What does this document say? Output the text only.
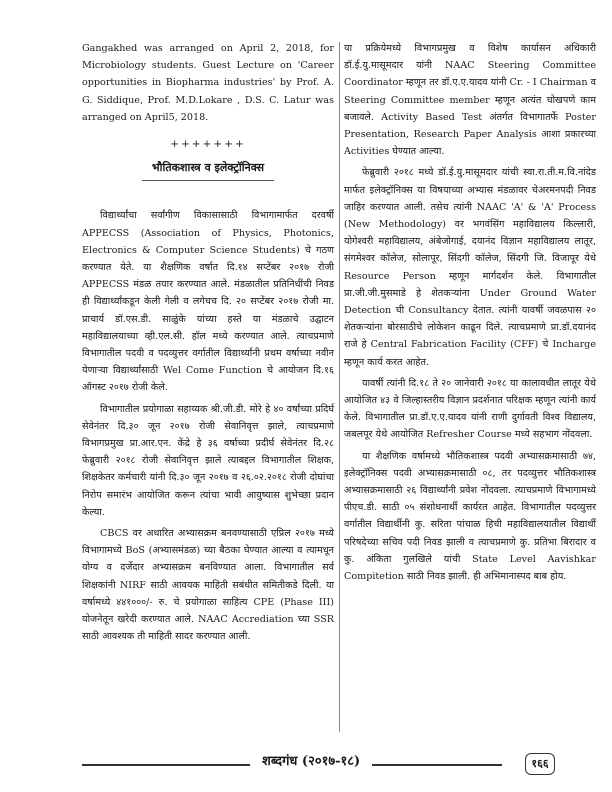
Gangakhed was arranged on April 2, 2018, for Microbiology students. Guest Lecture on 'Career opportunities in Biopharma industries' by Prof. A. G. Siddique, Prof. M.D.Lokare , D.S. C. Latur was arranged on April5, 2018.

+++++++
भौतिकशास्त्र व इलेक्ट्रॉनिक्स

विद्यार्थ्यांचा सर्वांगीण विकासासाठी विभागामार्फत दरवर्षी APPECSS (Association of Physics, Photonics, Electronics & Computer Science Students) चे गठण करण्यात येते. या शैक्षणिक वर्षात दि.१४ सप्टेंबर २०१७ रोजी APPECSS मंडळ तयार करण्यात आले. मंडळातील प्रतिनिधींची निवड ही विद्यार्थ्यांकडून केली गेली व लगेचच दि. २० सप्टेंबर २०१७ रोजी मा. प्राचार्य डॉ.एस.डी. साळुंके यांच्या हस्ते या मंडळाचे उद्घाटन महाविद्यालयाच्या व्ही.एल.सी. हॉल मध्ये करण्यात आले. त्याचप्रमाणे विभागातील पदवी व पदव्युत्तर वर्गातील विद्यार्थ्यांनी प्रथम वर्षाच्या नवीन येणाऱ्या विद्यार्थ्यांसाठी Wel Come Function चे आयोजन दि.१६ ऑगस्ट २०१७ रोजी केले.

विभागातील प्रयोगाळा सहाय्यक श्री.जी.डी. मोरे हे ४० वर्षांच्या प्रदिर्घ सेवेनंतर दि.३० जून २०१७ रोजी सेवानिवृत्त झाले, त्याचप्रमाणे विभागप्रमुख प्रा.आर.एन. केंद्रे हे ३६ वर्षाच्या प्रदीर्घ सेवेनंतर दि.२८ फेब्रुवारी २०१८ रोजी सेवानिवृत्त झाले त्याबद्दल विभागातील शिक्षक, शिक्षकेतर कर्मचारी यांनी दि.३० जून २०१७ व २६.०२.२०१८ रोजी दोघांचा निरोप समारंभ आयोजित करून त्यांचा भावी आयुष्यास शुभेच्छा प्रदान केल्या.

CBCS वर अधारित अभ्यासक्रम बनवण्यासाठी एप्रिल २०१७ मध्ये विभागामध्ये BoS (अभ्यासमंडळ) च्या बैठका घेण्यात आल्या व त्यामधून योग्य व दर्जेदार अभ्यासक्रम बनविण्यात आला. विभागातील सर्व शिक्षकांनी NIRF साठी आवयक माहिती सबंधीत समितीकडे दिली. या वर्षामध्ये ४४१०००/- रु. चे प्रयोगाळा साहित्य CPE (Phase III) योजनेतून खरेदी करण्यात आले. NAAC Accrediation च्या SSR साठी आवश्यक ती माहिती सादर करण्यात आली.

या प्रक्रियेमध्ये विभागप्रमुख व विशेष कार्यासन अधिकारी डॉ.ई.यु.मासूमदार यांनी NAAC Steering Committee Coordinator म्हणून तर डॉ.ए.ए.यादव यांनी Cr. - I Chairman व Steering Committee member म्हणून अत्यंत चोखपणे काम बजावले. Activity Based Test अंतर्गत विभागातर्फे Poster Presentation, Research Paper Analysis आशा प्रकारच्या Activities घेण्यात आल्या.

फेब्रुवारी २०१८ मध्ये डॉ.ई.यु.मासूमदार यांची स्वा.रा.ती.म.वि.नांदेड मार्फत इलेक्ट्रॉनिक्स या विषयाच्या अभ्यास मंडळावर चेअरमनपदी निवड जाहिर करण्यात आली. तसेच त्यांनी NAAC 'A' & 'A' Process (New Methodology) वर भगवंसिंग महाविद्यालय किल्लारी, योगेश्वरी महाविद्यालय, अंबेजोगाई, दयानंद विज्ञान महाविद्यालय लातूर, संगमेश्वर कॉलेज, सोलापूर, सिंदगी कॉलेज, सिंदगी जि. विजापूर येथे Resource Person म्हणून मार्गदर्शन केले. विभागातील प्रा.जी.जी.मुसमाडे हे शेतकऱ्यांना Under Ground Water Detection ची Consultancy देतात. त्यांनी यावर्षी जवळपास २० शेतकऱ्यांना बोरसाठीचे लोकेशन काढून दिले. त्याचप्रमाणे प्रा.डॉ.दयानंद राजे हे Central Fabrication Facility (CFF) चे Incharge म्हणून कार्य करत आहेत.

यावर्षी त्यांनी दि.१८ ते २० जानेवारी २०१८ या कालावधीत लातूर येथे आयोजित ४३ वे जिल्हास्तरीय विज्ञान प्रदर्शनात परिक्षक म्हणून त्यांनी कार्य केले. विभागातील प्रा.डॉ.ए.ए.यादव यांनी राणी दुर्गावती विश्व विद्यालय, जबलपूर येथे आयोजित Refresher Course मध्ये सहभाग नोंदवला.

या शैक्षणिक वर्षामध्ये भौतिकशास्त्र पदवी अभ्यासक्रमासाठी ७४, इलेक्ट्रॉनिक्स पदवी अभ्यासक्रमासाठी ०८, तर पदव्युत्तर भौतिकशास्त्र अभ्यासक्रमासाठी २६ विद्यार्थ्यांनी प्रवेश नोंदवला. त्याचप्रमाणे विभागामध्ये पीएच.डी. साठी ०५ संशोधनार्थी कार्यरत आहेत. विभागातील पदव्युत्तर वर्गातील विद्यार्थीनी कु. सरिता पांचाळ हिची महाविद्यालयातील विद्यार्थी परिषदेच्या सचिव पदी निवड झाली व त्याचप्रमाणे कु. प्रतिभा बिरादार व कु. अंकिता गुलखिले यांची State Level Aavishkar Compitetion साठी निवड झाली. ही अभिमानास्पद बाब होय.

शब्दगंध (२०१७-१८)	१६६
